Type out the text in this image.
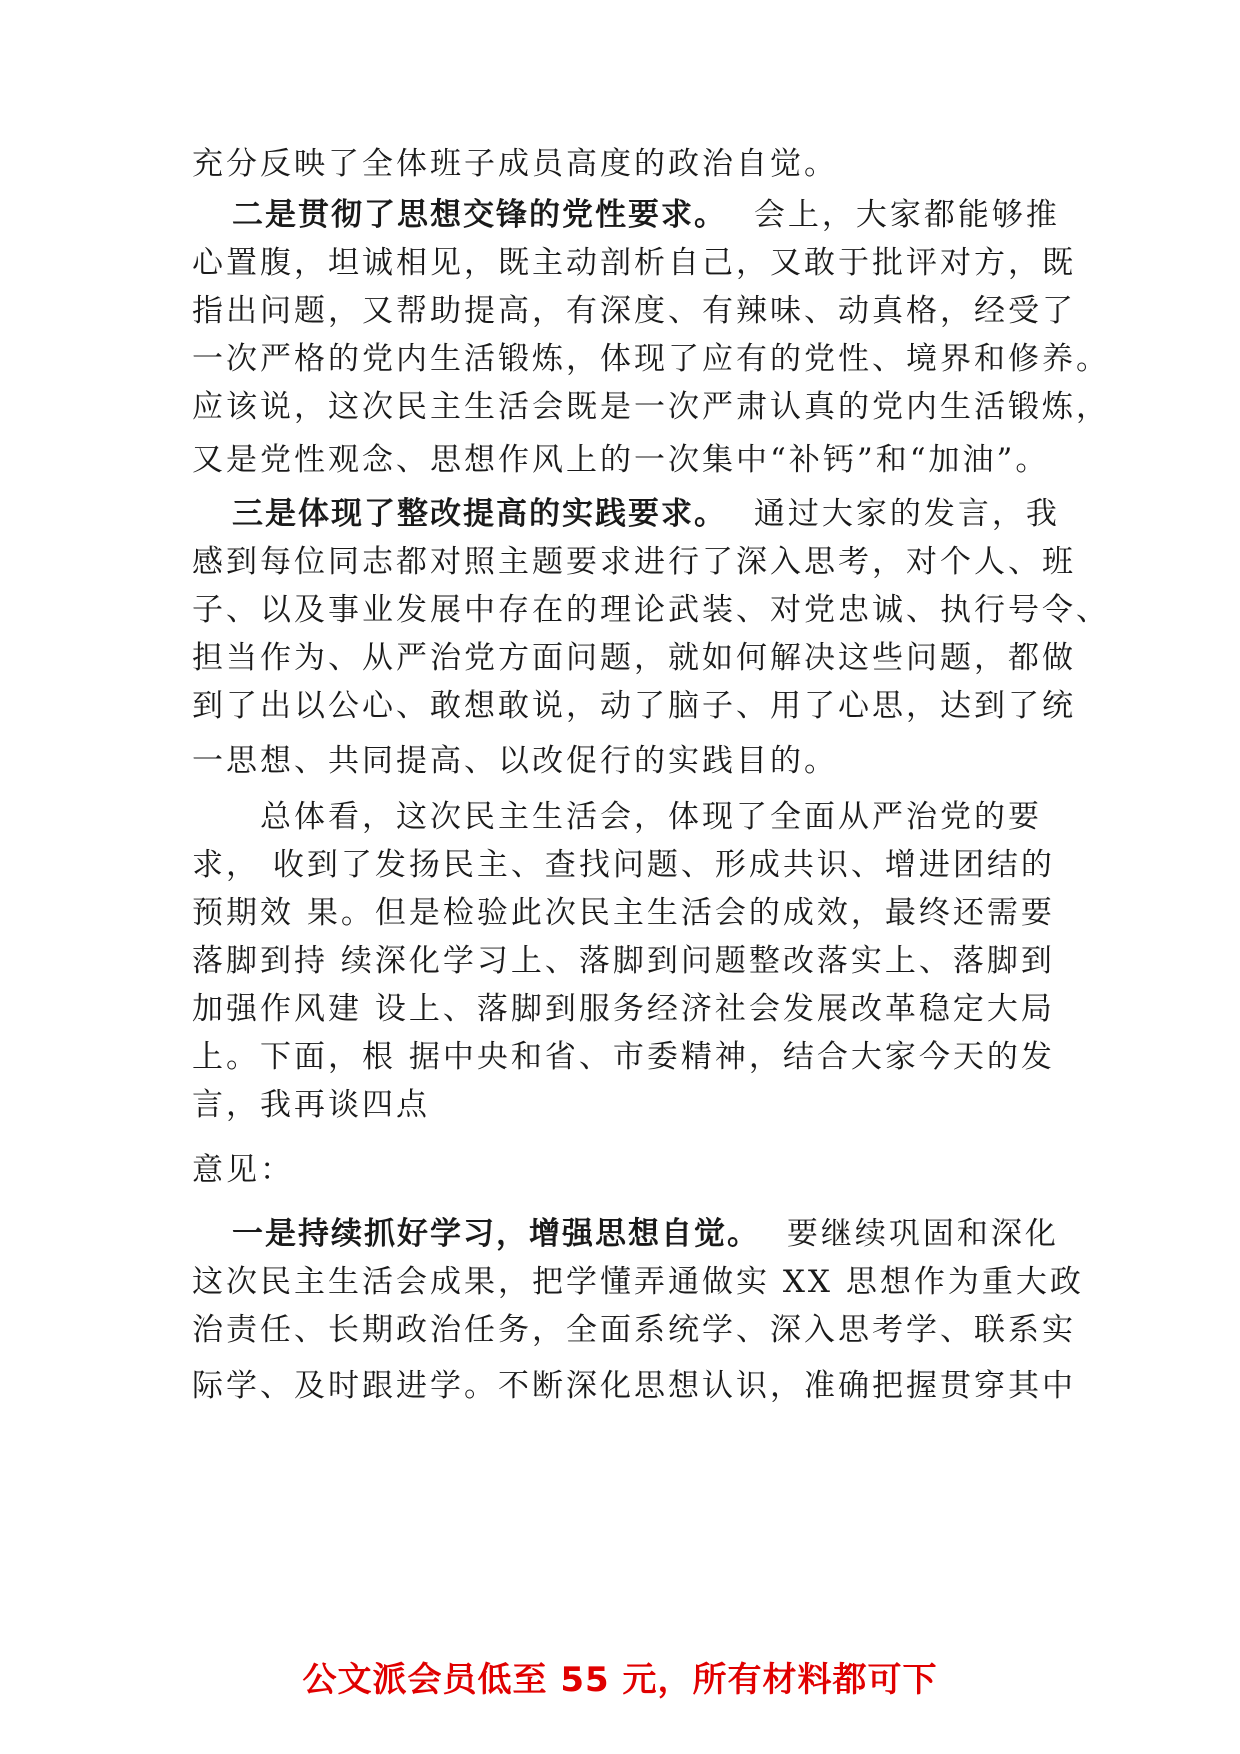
充分反映了全体班子成员高度的政治自觉。
二是贯彻了思想交锋的党性要求。 会上，大家都能够推
心置腹，坦诚相见，既主动剖析自己，又敢于批评对方，既
指出问题，又帮助提高，有深度、有辣味、动真格，经受了
一次严格的党内生活锻炼，体现了应有的党性、境界和修养。
应该说，这次民主生活会既是一次严肃认真的党内生活锻炼，
又是党性观念、思想作风上的一次集中“补钙”和“加油”。
三是体现了整改提高的实践要求。 通过大家的发言，我
感到每位同志都对照主题要求进行了深入思考，对个人、班
子、以及事业发展中存在的理论武装、对党忠诚、执行号令、
担当作为、从严治党方面问题，就如何解决这些问题，都做
到了出以公心、敢想敢说，动了脑子、用了心思，达到了统
一思想、共同提高、以改促行的实践目的。
　　总体看，这次民主生活会，体现了全面从严治党的要
求， 收到了发扬民主、查找问题、形成共识、增进团结的
预期效 果。但是检验此次民主生活会的成效，最终还需要
落脚到持 续深化学习上、落脚到问题整改落实上、落脚到
加强作风建 设上、落脚到服务经济社会发展改革稳定大局
上。下面，根 据中央和省、市委精神，结合大家今天的发
言，我再谈四点
意见：
一是持续抓好学习，增强思想自觉。 要继续巩固和深化
这次民主生活会成果，把学懂弄通做实 XX 思想作为重大政
治责任、长期政治任务，全面系统学、深入思考学、联系实
际学、及时跟进学。不断深化思想认识，准确把握贯穿其中
公文派会员低至 55 元，所有材料都可下
